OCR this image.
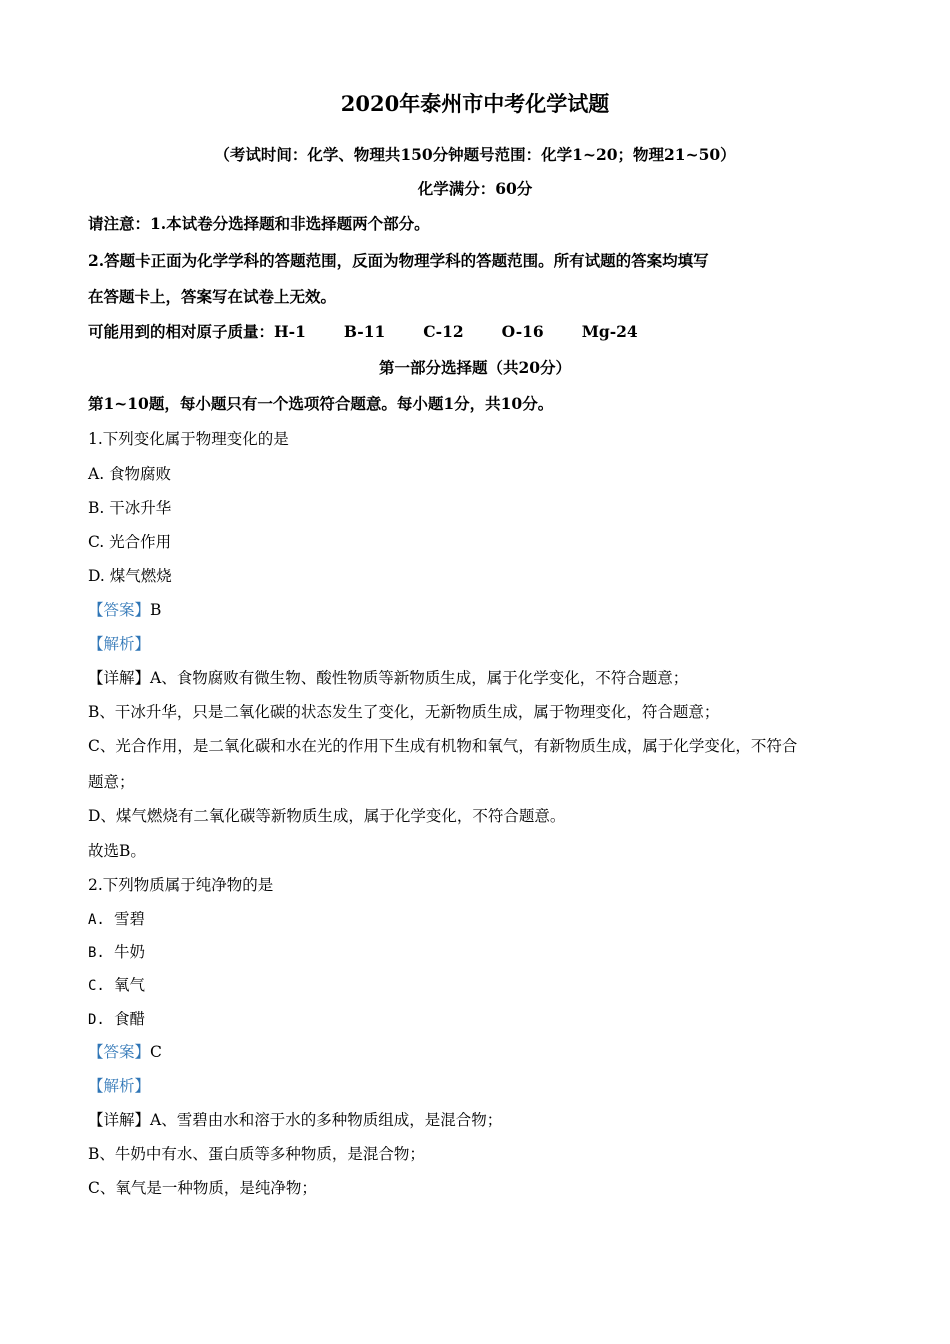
2020年泰州市中考化学试题
（考试时间：化学、物理共150分钟题号范围：化学1~20；物理21~50）
化学满分：60分
请注意：1.本试卷分选择题和非选择题两个部分。
2.答题卡正面为化学学科的答题范围，反面为物理学科的答题范围。所有试题的答案均填写
在答题卡上，答案写在试卷上无效。
可能用到的相对原子质量：H-1 B-11 C-12 O-16 Mg-24
第一部分选择题（共20分）
第1~10题，每小题只有一个选项符合题意。每小题1分，共10分。
1.下列变化属于物理变化的是
A. 食物腐败
B. 干冰升华
C. 光合作用
D. 煤气燃烧
【答案】B
【解析】
【详解】A、食物腐败有微生物、酸性物质等新物质生成，属于化学变化，不符合题意；
B、干冰升华，只是二氧化碳的状态发生了变化，无新物质生成，属于物理变化，符合题意；
C、光合作用，是二氧化碳和水在光的作用下生成有机物和氧气，有新物质生成，属于化学变化，不符合
题意；
D、煤气燃烧有二氧化碳等新物质生成，属于化学变化，不符合题意。
故选B。
2.下列物质属于纯净物的是
A. 雪碧
B. 牛奶
C. 氧气
D. 食醋
【答案】C
【解析】
【详解】A、雪碧由水和溶于水的多种物质组成，是混合物；
B、牛奶中有水、蛋白质等多种物质，是混合物；
C、氧气是一种物质，是纯净物；
